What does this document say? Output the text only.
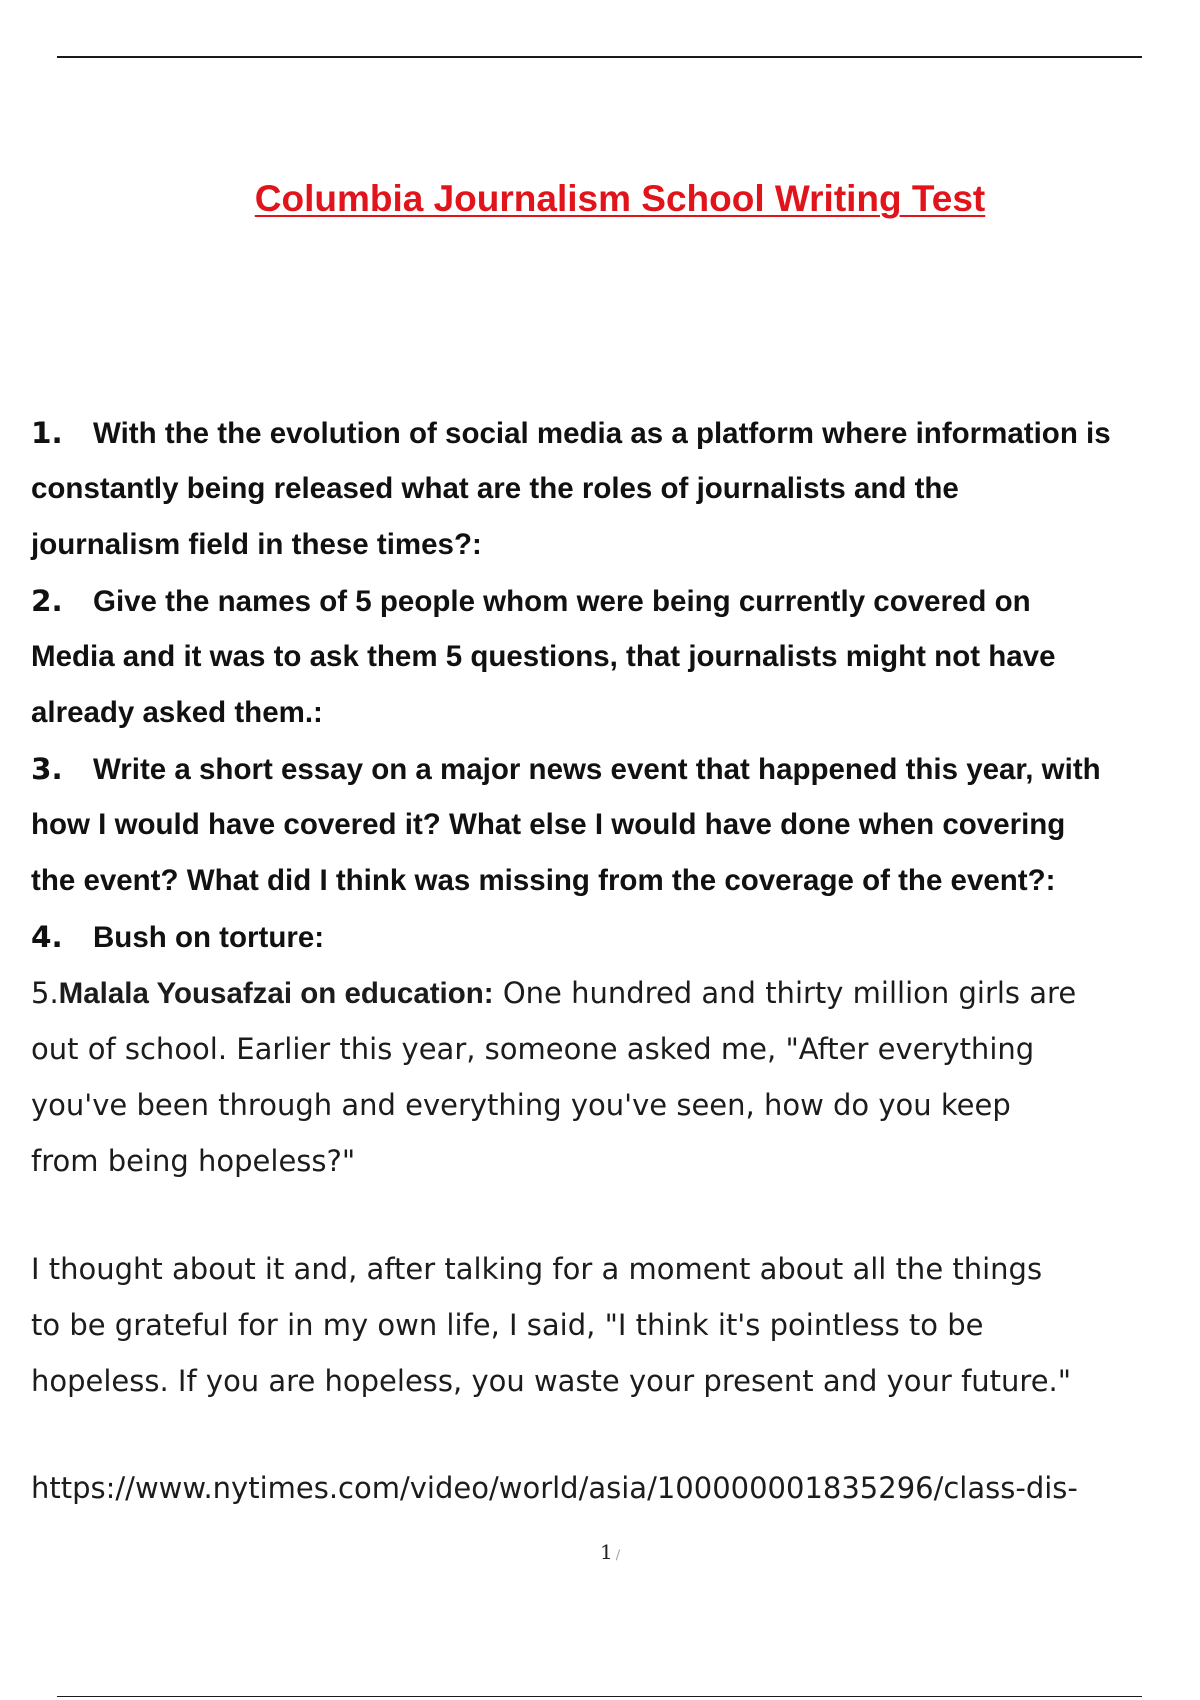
Columbia Journalism School Writing Test
1. With the the evolution of social media as a platform where information is
constantly being released what are the roles of journalists and the
journalism field in these times?:
2. Give the names of 5 people whom were being currently covered on
Media and it was to ask them 5 questions, that journalists might not have
already asked them.:
3. Write a short essay on a major news event that happened this year, with
how I would have covered it? What else I would have done when covering
the event? What did I think was missing from the coverage of the event?:
4. Bush on torture:
5.Malala Yousafzai on education: One hundred and thirty million girls are
out of school. Earlier this year, someone asked me, "After everything
you've been through and everything you've seen, how do you keep
from being hopeless?"
I thought about it and, after talking for a moment about all the things
to be grateful for in my own life, I said, "I think it's pointless to be
hopeless. If you are hopeless, you waste your present and your future."
https://www.nytimes.com/video/world/asia/100000001835296/class-dis-
1 /
